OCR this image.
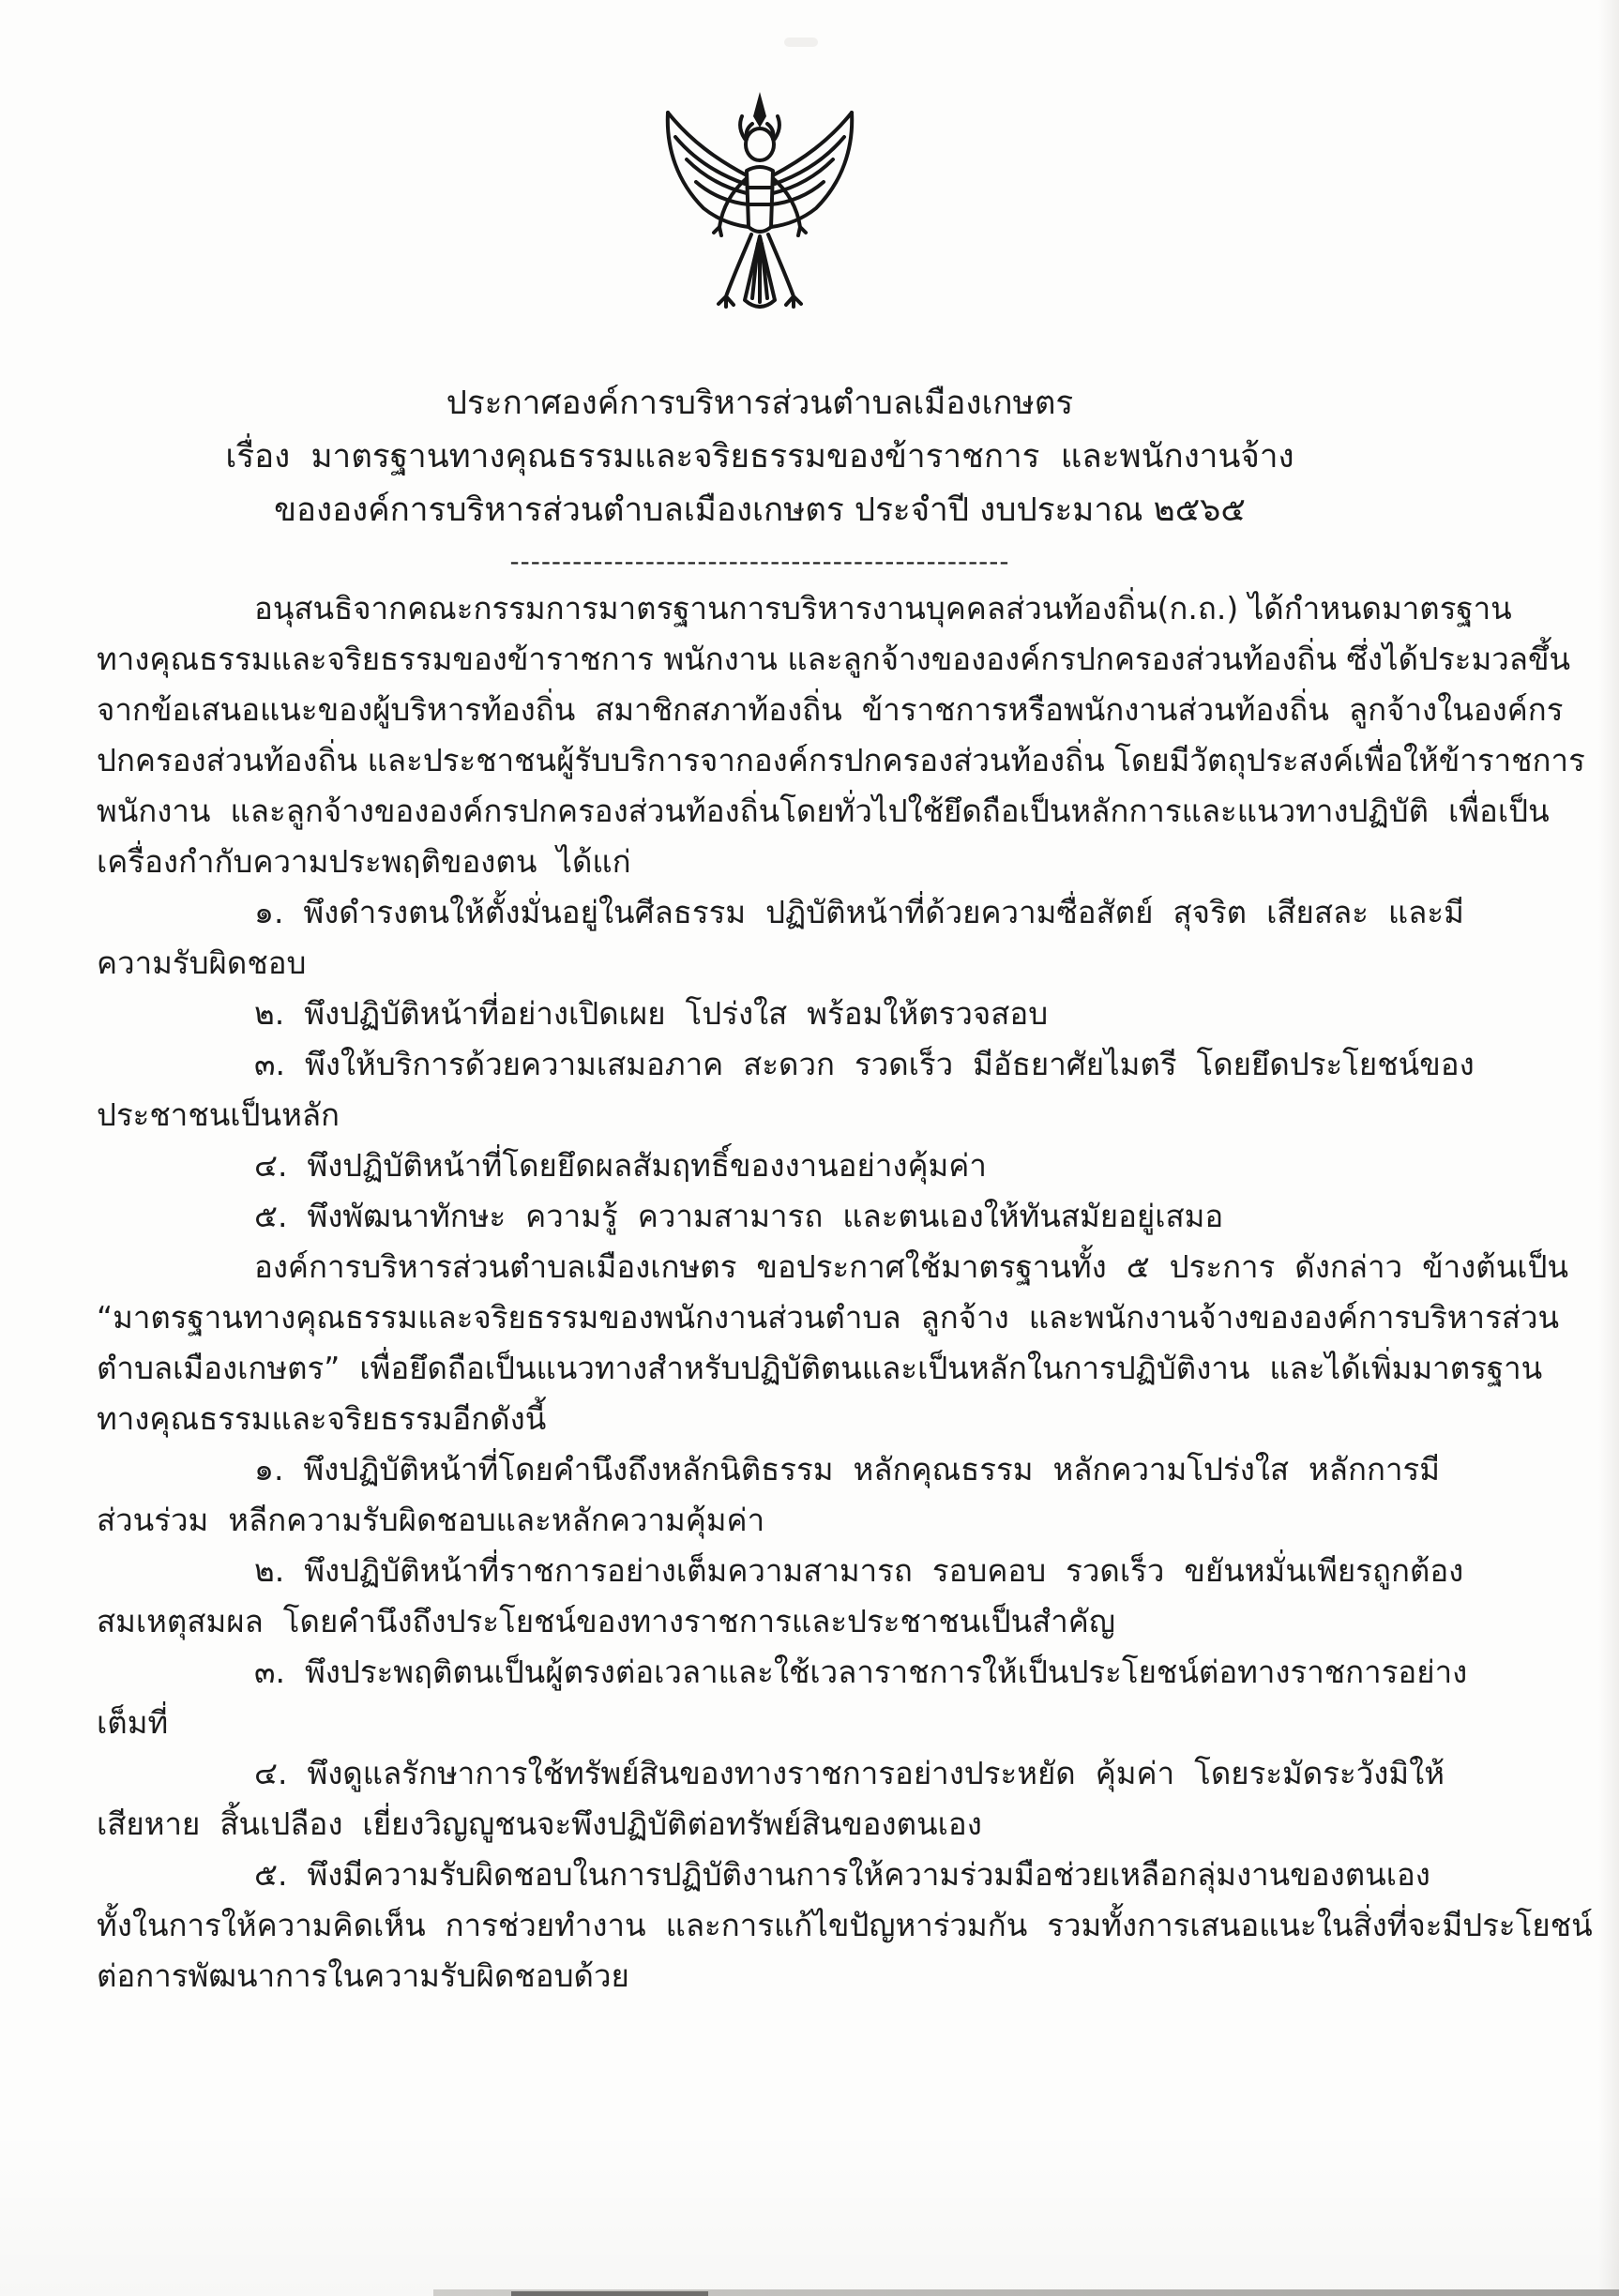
ประกาศองค์การบริหารส่วนตำบลเมืองเกษตร
เรื่อง  มาตรฐานทางคุณธรรมและจริยธรรมของข้าราชการ  และพนักงานจ้าง
ขององค์การบริหารส่วนตำบลเมืองเกษตร ประจำปี งบประมาณ ๒๕๖๕
------------------------------------------------
อนุสนธิจากคณะกรรมการมาตรฐานการบริหารงานบุคคลส่วนท้องถิ่น(ก.ถ.) ได้กำหนดมาตรฐาน
ทางคุณธรรมและจริยธรรมของข้าราชการ พนักงาน และลูกจ้างขององค์กรปกครองส่วนท้องถิ่น ซึ่งได้ประมวลขึ้น
จากข้อเสนอแนะของผู้บริหารท้องถิ่น  สมาชิกสภาท้องถิ่น  ข้าราชการหรือพนักงานส่วนท้องถิ่น  ลูกจ้างในองค์กร
ปกครองส่วนท้องถิ่น และประชาชนผู้รับบริการจากองค์กรปกครองส่วนท้องถิ่น โดยมีวัตถุประสงค์เพื่อให้ข้าราชการ
พนักงาน  และลูกจ้างขององค์กรปกครองส่วนท้องถิ่นโดยทั่วไปใช้ยึดถือเป็นหลักการและแนวทางปฏิบัติ  เพื่อเป็น
เครื่องกำกับความประพฤติของตน  ได้แก่
๑.  พึงดำรงตนให้ตั้งมั่นอยู่ในศีลธรรม  ปฏิบัติหน้าที่ด้วยความซื่อสัตย์  สุจริต  เสียสละ  และมี
ความรับผิดชอบ
๒.  พึงปฏิบัติหน้าที่อย่างเปิดเผย  โปร่งใส  พร้อมให้ตรวจสอบ
๓.  พึงให้บริการด้วยความเสมอภาค  สะดวก  รวดเร็ว  มีอัธยาศัยไมตรี  โดยยึดประโยชน์ของ
ประชาชนเป็นหลัก
๔.  พึงปฏิบัติหน้าที่โดยยึดผลสัมฤทธิ์ของงานอย่างคุ้มค่า
๕.  พึงพัฒนาทักษะ  ความรู้  ความสามารถ  และตนเองให้ทันสมัยอยู่เสมอ
องค์การบริหารส่วนตำบลเมืองเกษตร  ขอประกาศใช้มาตรฐานทั้ง  ๕  ประการ  ดังกล่าว  ข้างต้นเป็น
“มาตรฐานทางคุณธรรมและจริยธรรมของพนักงานส่วนตำบล  ลูกจ้าง  และพนักงานจ้างขององค์การบริหารส่วน
ตำบลเมืองเกษตร”  เพื่อยึดถือเป็นแนวทางสำหรับปฏิบัติตนและเป็นหลักในการปฏิบัติงาน  และได้เพิ่มมาตรฐาน
ทางคุณธรรมและจริยธรรมอีกดังนี้
๑.  พึงปฏิบัติหน้าที่โดยคำนึงถึงหลักนิติธรรม  หลักคุณธรรม  หลักความโปร่งใส  หลักการมี
ส่วนร่วม  หลีกความรับผิดชอบและหลักความคุ้มค่า
๒.  พึงปฏิบัติหน้าที่ราชการอย่างเต็มความสามารถ  รอบคอบ  รวดเร็ว  ขยันหมั่นเพียรถูกต้อง
สมเหตุสมผล  โดยคำนึงถึงประโยชน์ของทางราชการและประชาชนเป็นสำคัญ
๓.  พึงประพฤติตนเป็นผู้ตรงต่อเวลาและใช้เวลาราชการให้เป็นประโยชน์ต่อทางราชการอย่าง
เต็มที่
๔.  พึงดูแลรักษาการใช้ทรัพย์สินของทางราชการอย่างประหยัด  คุ้มค่า  โดยระมัดระวังมิให้
เสียหาย  สิ้นเปลือง  เยี่ยงวิญญูชนจะพึงปฏิบัติต่อทรัพย์สินของตนเอง
๕.  พึงมีความรับผิดชอบในการปฏิบัติงานการให้ความร่วมมือช่วยเหลือกลุ่มงานของตนเอง
ทั้งในการให้ความคิดเห็น  การช่วยทำงาน  และการแก้ไขปัญหาร่วมกัน  รวมทั้งการเสนอแนะในสิ่งที่จะมีประโยชน์
ต่อการพัฒนาการในความรับผิดชอบด้วย
